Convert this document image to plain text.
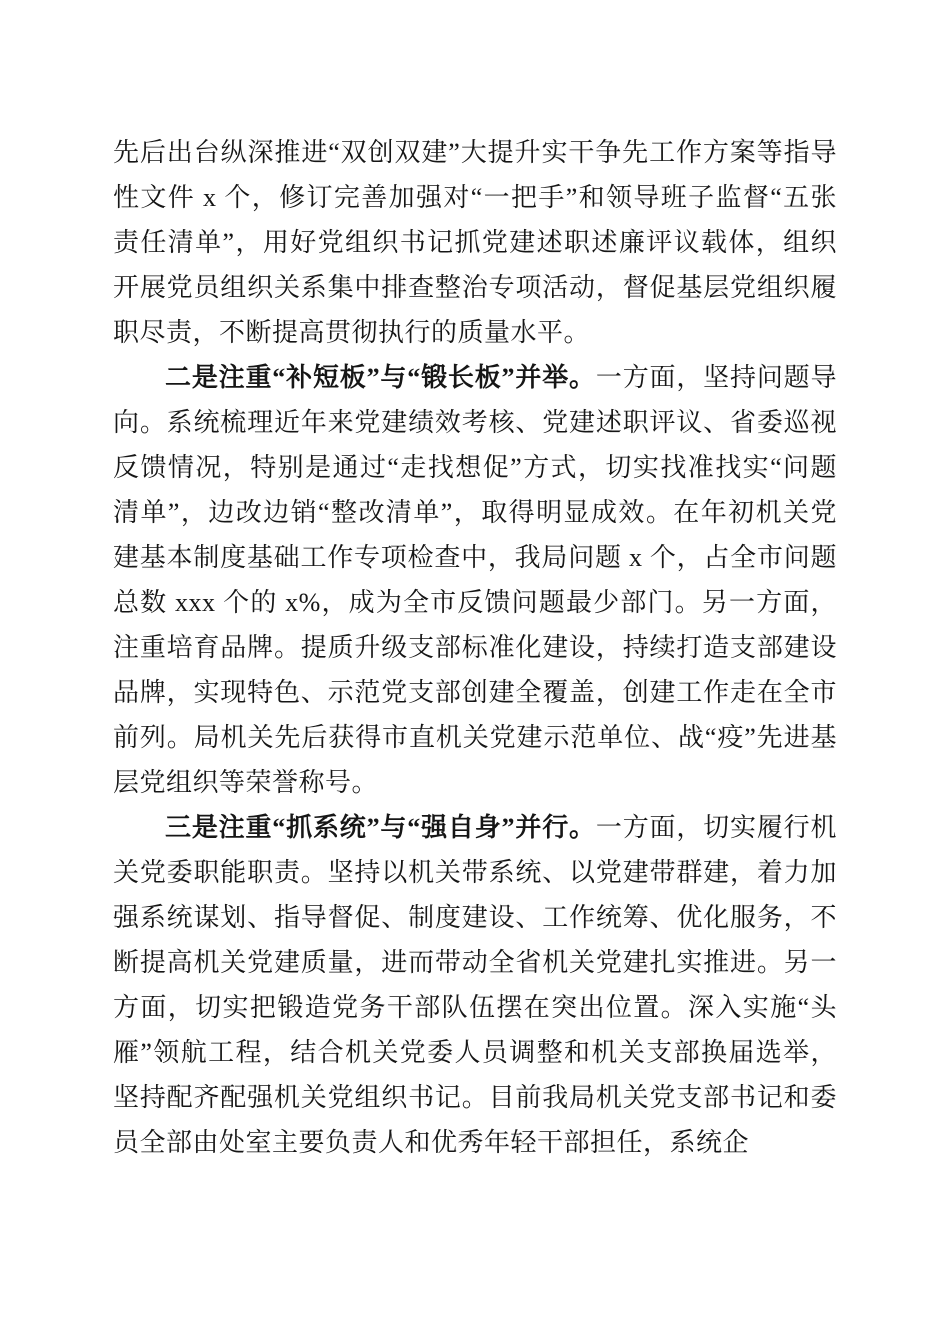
先后出台纵深推进“双创双建”大提升实干争先工作方案等指导性文件 x 个，修订完善加强对“一把手”和领导班子监督“五张责任清单”，用好党组织书记抓党建述职述廉评议载体，组织开展党员组织关系集中排查整治专项活动，督促基层党组织履职尽责，不断提高贯彻执行的质量水平。

二是注重“补短板”与“锻长板”并举。一方面，坚持问题导向。系统梳理近年来党建绩效考核、党建述职评议、省委巡视反馈情况，特别是通过“走找想促”方式，切实找准找实“问题清单”，边改边销“整改清单”，取得明显成效。在年初机关党建基本制度基础工作专项检查中，我局问题 x 个，占全市问题总数 xxx 个的 x%，成为全市反馈问题最少部门。另一方面，注重培育品牌。提质升级支部标准化建设，持续打造支部建设品牌，实现特色、示范党支部创建全覆盖，创建工作走在全市前列。局机关先后获得市直机关党建示范单位、战“疫”先进基层党组织等荣誉称号。

三是注重“抓系统”与“强自身”并行。一方面，切实履行机关党委职能职责。坚持以机关带系统、以党建带群建，着力加强系统谋划、指导督促、制度建设、工作统筹、优化服务，不断提高机关党建质量，进而带动全省机关党建扎实推进。另一方面，切实把锻造党务干部队伍摆在突出位置。深入实施“头雁”领航工程，结合机关党委人员调整和机关支部换届选举，坚持配齐配强机关党组织书记。目前我局机关党支部书记和委员全部由处室主要负责人和优秀年轻干部担任，系统企
